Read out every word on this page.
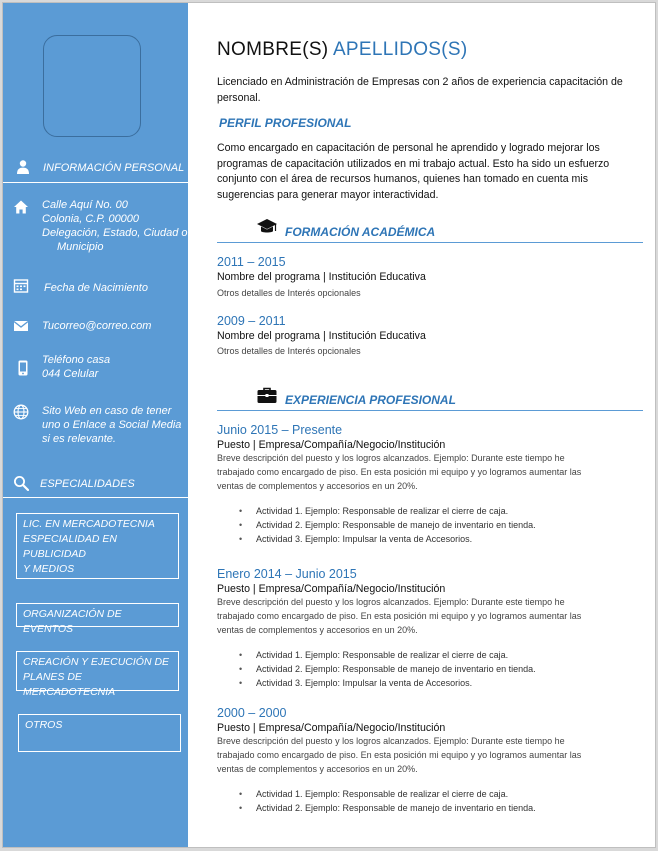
INFORMACIÓN PERSONAL
Calle Aquí No. 00
Colonia, C.P. 00000
Delegación, Estado, Ciudad o
Municipio
Fecha de Nacimiento
Tucorreo@correo.com
Teléfono casa
044 Celular
Sito Web en caso de tener
uno o Enlace a Social Media
si es relevante.
ESPECIALIDADES
LIC. EN MERCADOTECNIA
ESPECIALIDAD EN PUBLICIDAD
Y MEDIOS
ORGANIZACIÓN DE EVENTOS
CREACIÓN Y EJECUCIÓN DE
PLANES DE MERCADOTECNIA
OTROS
NOMBRE(S) APELLIDOS(S)
Licenciado en Administración de Empresas con 2 años de experiencia capacitación de personal.
PERFIL PROFESIONAL
Como encargado en capacitación de personal he aprendido y logrado mejorar los programas de capacitación utilizados en mi trabajo actual. Esto ha sido un esfuerzo conjunto con el área de recursos humanos, quienes han tomado en cuenta mis sugerencias para generar mayor interactividad.
FORMACIÓN ACADÉMICA
2011 – 2015
Nombre del programa | Institución Educativa
Otros detalles de Interés opcionales
2009 – 2011
Nombre del programa | Institución Educativa
Otros detalles de Interés opcionales
EXPERIENCIA PROFESIONAL
Junio 2015 – Presente
Puesto | Empresa/Compañía/Negocio/Institución
Breve descripción del puesto y los logros alcanzados. Ejemplo: Durante este tiempo he
trabajado como encargado de piso. En esta posición mi equipo y yo logramos aumentar las
ventas de complementos y accesorios en un 20%.
• Actividad 1. Ejemplo: Responsable de realizar el cierre de caja.
• Actividad 2. Ejemplo: Responsable de manejo de inventario en tienda.
• Actividad 3. Ejemplo: Impulsar la venta de Accesorios.
Enero 2014 – Junio 2015
Puesto | Empresa/Compañía/Negocio/Institución
Breve descripción del puesto y los logros alcanzados. Ejemplo: Durante este tiempo he
trabajado como encargado de piso. En esta posición mi equipo y yo logramos aumentar las
ventas de complementos y accesorios en un 20%.
• Actividad 1. Ejemplo: Responsable de realizar el cierre de caja.
• Actividad 2. Ejemplo: Responsable de manejo de inventario en tienda.
• Actividad 3. Ejemplo: Impulsar la venta de Accesorios.
2000 – 2000
Puesto | Empresa/Compañía/Negocio/Institución
Breve descripción del puesto y los logros alcanzados. Ejemplo: Durante este tiempo he
trabajado como encargado de piso. En esta posición mi equipo y yo logramos aumentar las
ventas de complementos y accesorios en un 20%.
• Actividad 1. Ejemplo: Responsable de realizar el cierre de caja.
• Actividad 2. Ejemplo: Responsable de manejo de inventario en tienda.
